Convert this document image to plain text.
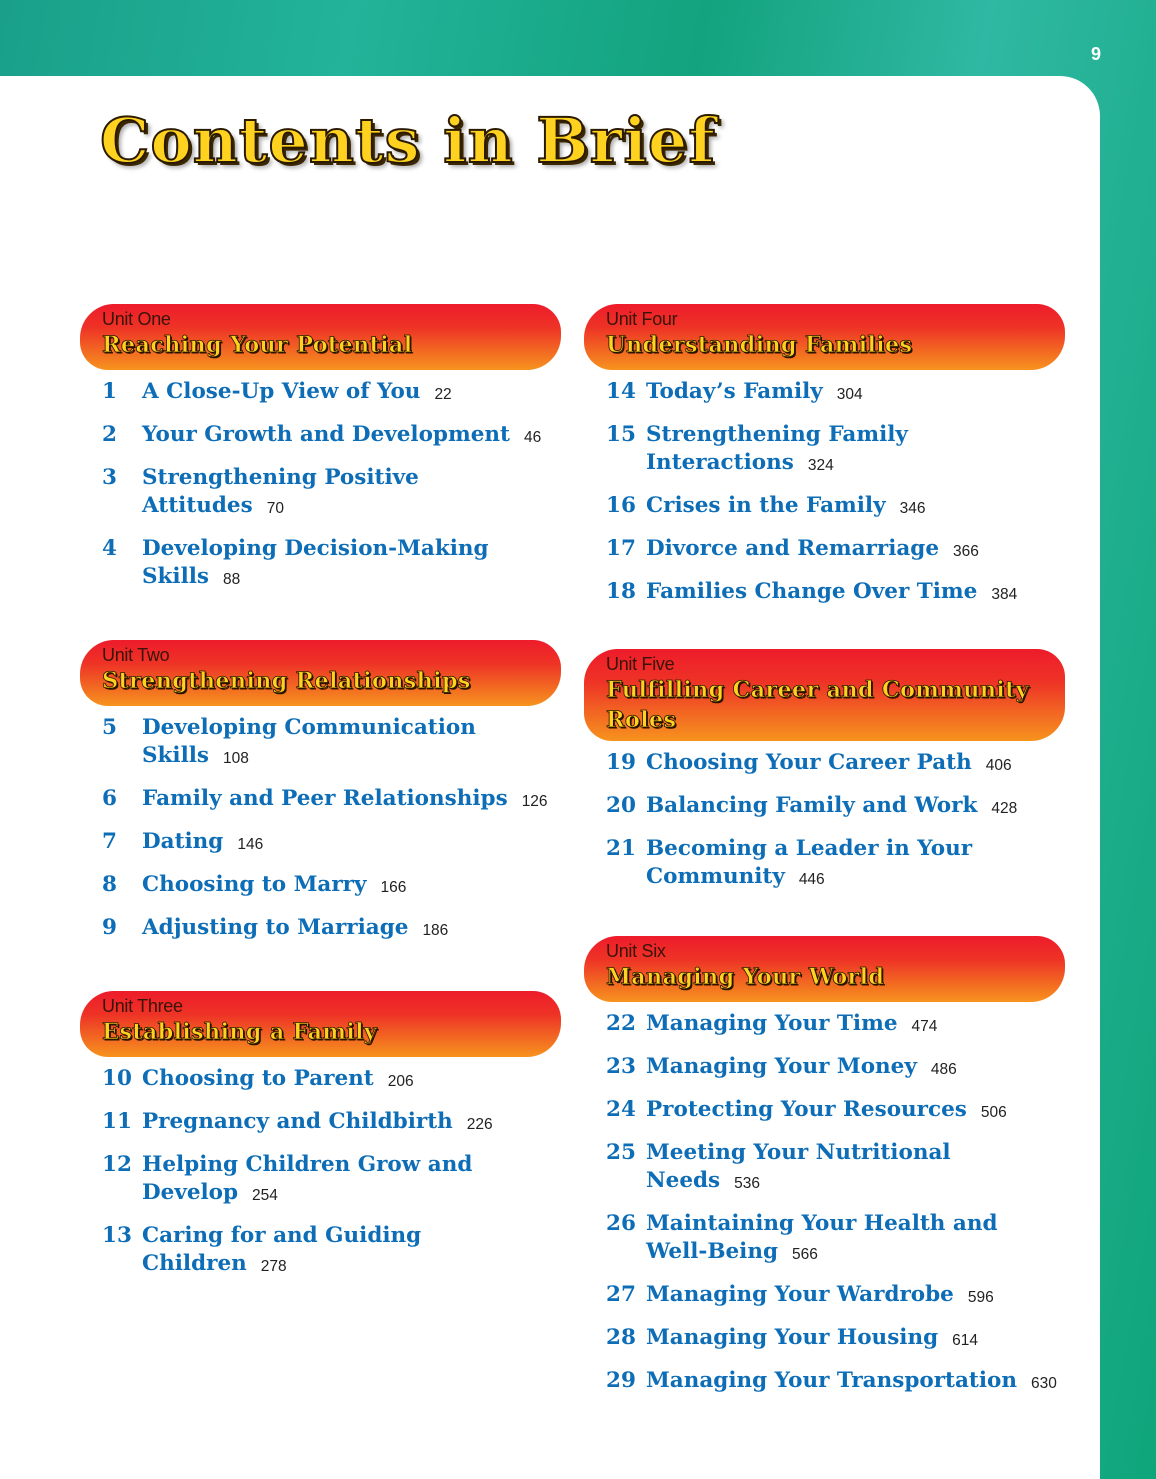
9
Contents in Brief
Unit One
Reaching Your Potential
1 A Close-Up View of You 22
2 Your Growth and Development 46
3 Strengthening Positive Attitudes 70
4 Developing Decision-Making Skills 88
Unit Two
Strengthening Relationships
5 Developing Communication Skills 108
6 Family and Peer Relationships 126
7 Dating 146
8 Choosing to Marry 166
9 Adjusting to Marriage 186
Unit Three
Establishing a Family
10 Choosing to Parent 206
11 Pregnancy and Childbirth 226
12 Helping Children Grow and Develop 254
13 Caring for and Guiding Children 278
Unit Four
Understanding Families
14 Today’s Family 304
15 Strengthening Family Interactions 324
16 Crises in the Family 346
17 Divorce and Remarriage 366
18 Families Change Over Time 384
Unit Five
Fulfilling Career and Community Roles
19 Choosing Your Career Path 406
20 Balancing Family and Work 428
21 Becoming a Leader in Your Community 446
Unit Six
Managing Your World
22 Managing Your Time 474
23 Managing Your Money 486
24 Protecting Your Resources 506
25 Meeting Your Nutritional Needs 536
26 Maintaining Your Health and Well-Being 566
27 Managing Your Wardrobe 596
28 Managing Your Housing 614
29 Managing Your Transportation 630
